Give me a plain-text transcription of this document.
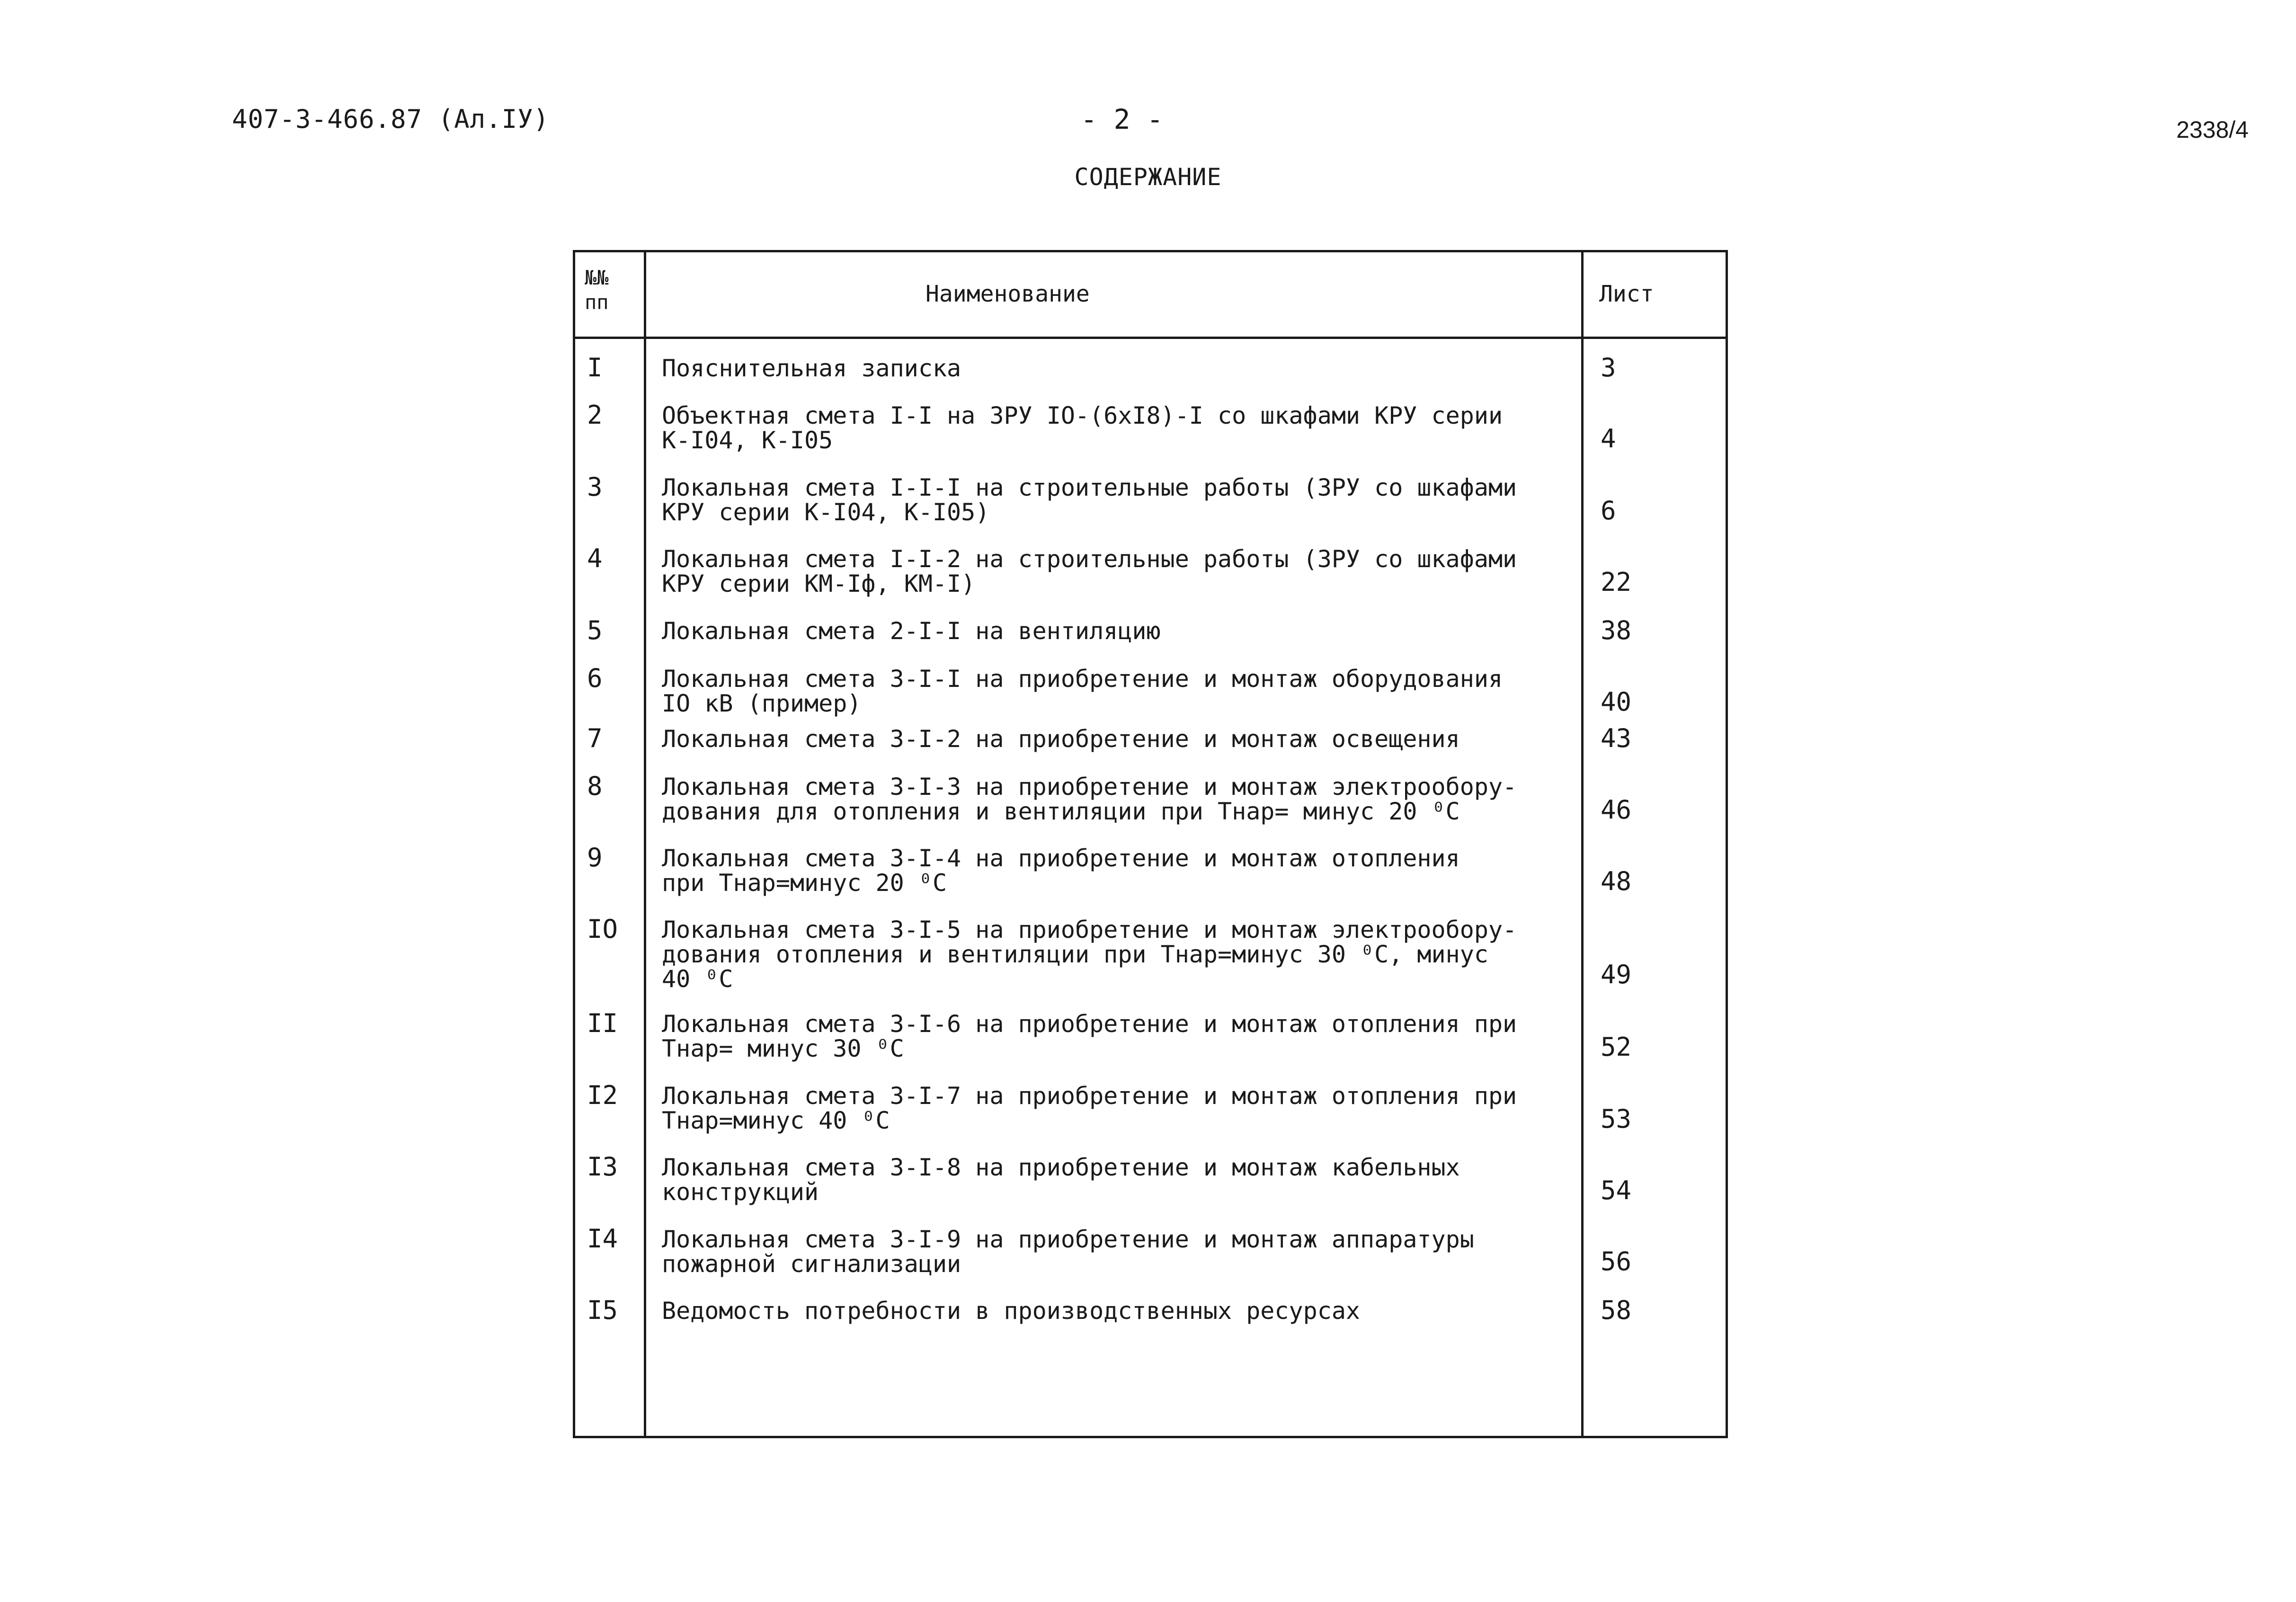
407-3-466.87 (Ал.IУ)	- 2 -	2338/4
СОДЕРЖАНИЕ
№№ пп	Наименование	Лист
I	Пояснительная записка	3
2	Объектная смета I-I на ЗРУ IО-(6хI8)-I со шкафами КРУ серии
К-I04, К-I05	4
3	Локальная смета I-I-I на строительные работы (ЗРУ со шкафами
КРУ серии К-I04, К-I05)	6
4	Локальная смета I-I-2 на строительные работы (ЗРУ со шкафами
КРУ серии КМ-Iф, КМ-I)	22
5	Локальная смета 2-I-I на вентиляцию	38
6	Локальная смета 3-I-I на приобретение и монтаж оборудования
IО кВ (пример)	40
7	Локальная смета 3-I-2 на приобретение и монтаж освещения	43
8	Локальная смета 3-I-3 на приобретение и монтаж электрообору-
дования для отопления и вентиляции при Тнар= минус 20 ⁰С	46
9	Локальная смета 3-I-4 на приобретение и монтаж отопления
при Тнар=минус 20 ⁰С	48
IО Локальная смета 3-I-5 на приобретение и монтаж электрообору-
дования отопления и вентиляции при Тнар=минус 30 ⁰С, минус
40 ⁰С	49
II Локальная смета 3-I-6 на приобретение и монтаж отопления при
Тнар= минус 30 ⁰С	52
I2 Локальная смета 3-I-7 на приобретение и монтаж отопления при
Тнар=минус 40 ⁰С	53
I3 Локальная смета 3-I-8 на приобретение и монтаж кабельных
конструкций	54
I4 Локальная смета 3-I-9 на приобретение и монтаж аппаратуры
пожарной сигнализации	56
I5 Ведомость потребности в производственных ресурсах	58
